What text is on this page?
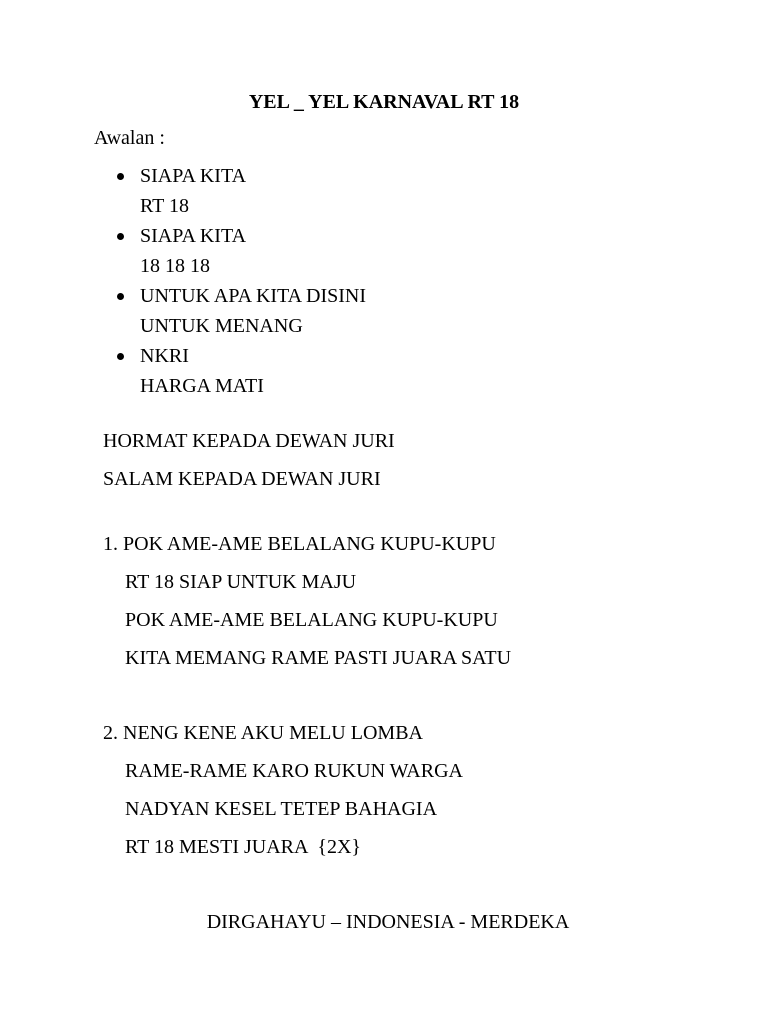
YEL _ YEL KARNAVAL RT 18
Awalan :
SIAPA KITA
RT 18
SIAPA KITA
18 18 18
UNTUK APA KITA DISINI
UNTUK MENANG
NKRI
HARGA MATI
HORMAT KEPADA DEWAN JURI
SALAM KEPADA DEWAN JURI
1. POK AME-AME BELALANG KUPU-KUPU
RT 18 SIAP UNTUK MAJU
POK AME-AME BELALANG KUPU-KUPU
KITA MEMANG RAME PASTI JUARA SATU
2. NENG KENE AKU MELU LOMBA
RAME-RAME KARO RUKUN WARGA
NADYAN KESEL TETEP BAHAGIA
RT 18 MESTI JUARA  {2X}
DIRGAHAYU – INDONESIA - MERDEKA
